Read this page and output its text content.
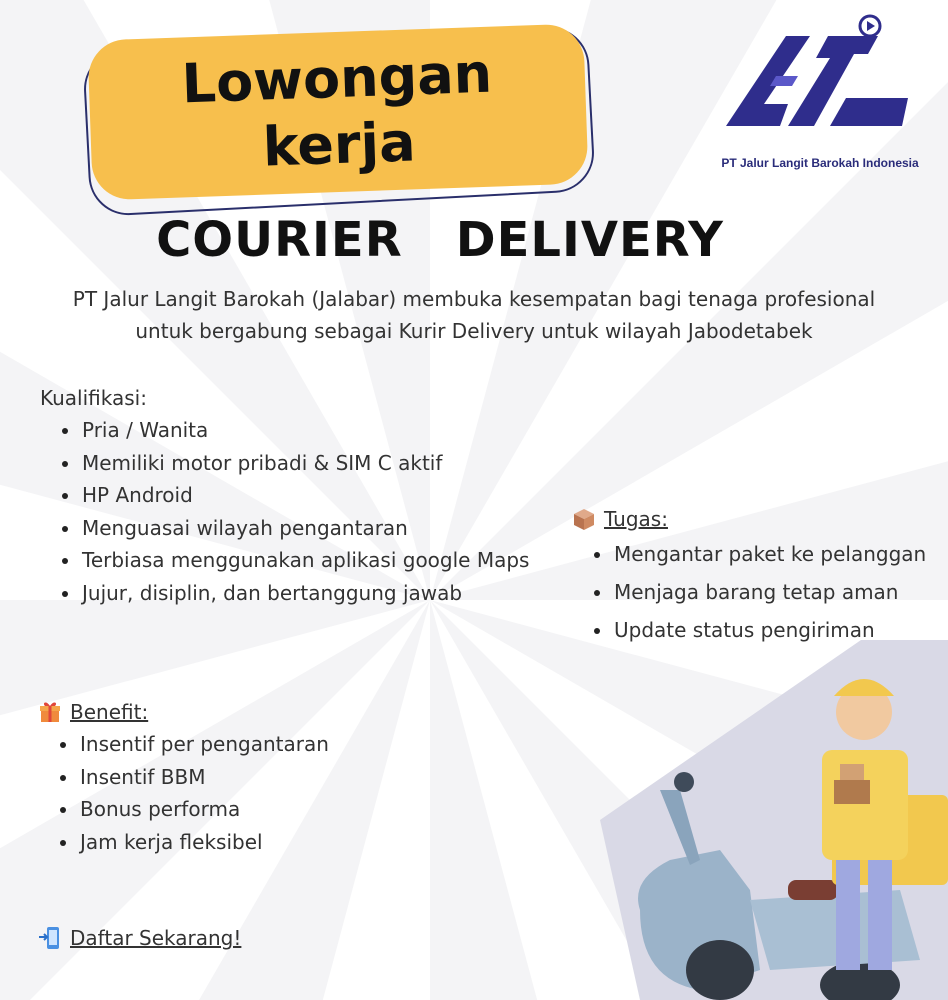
Lowongan
kerja	PT Jalur Langit Barokah Indonesia
COURIER   DELIVERY
PT Jalur Langit Barokah (Jalabar) membuka kesempatan bagi tenaga profesional untuk bergabung sebagai Kurir Delivery untuk wilayah Jabodetabek
Kualifikasi:
Pria / Wanita
Memiliki motor pribadi & SIM C aktif
HP Android
Menguasai wilayah pengantaran
Terbiasa menggunakan aplikasi google Maps
Jujur, disiplin, dan bertanggung jawab
Tugas:
Mengantar paket ke pelanggan
Menjaga barang tetap aman
Update status pengiriman
Benefit:
Insentif per pengantaran
Insentif BBM
Bonus performa
Jam kerja fleksibel
Daftar Sekarang!
